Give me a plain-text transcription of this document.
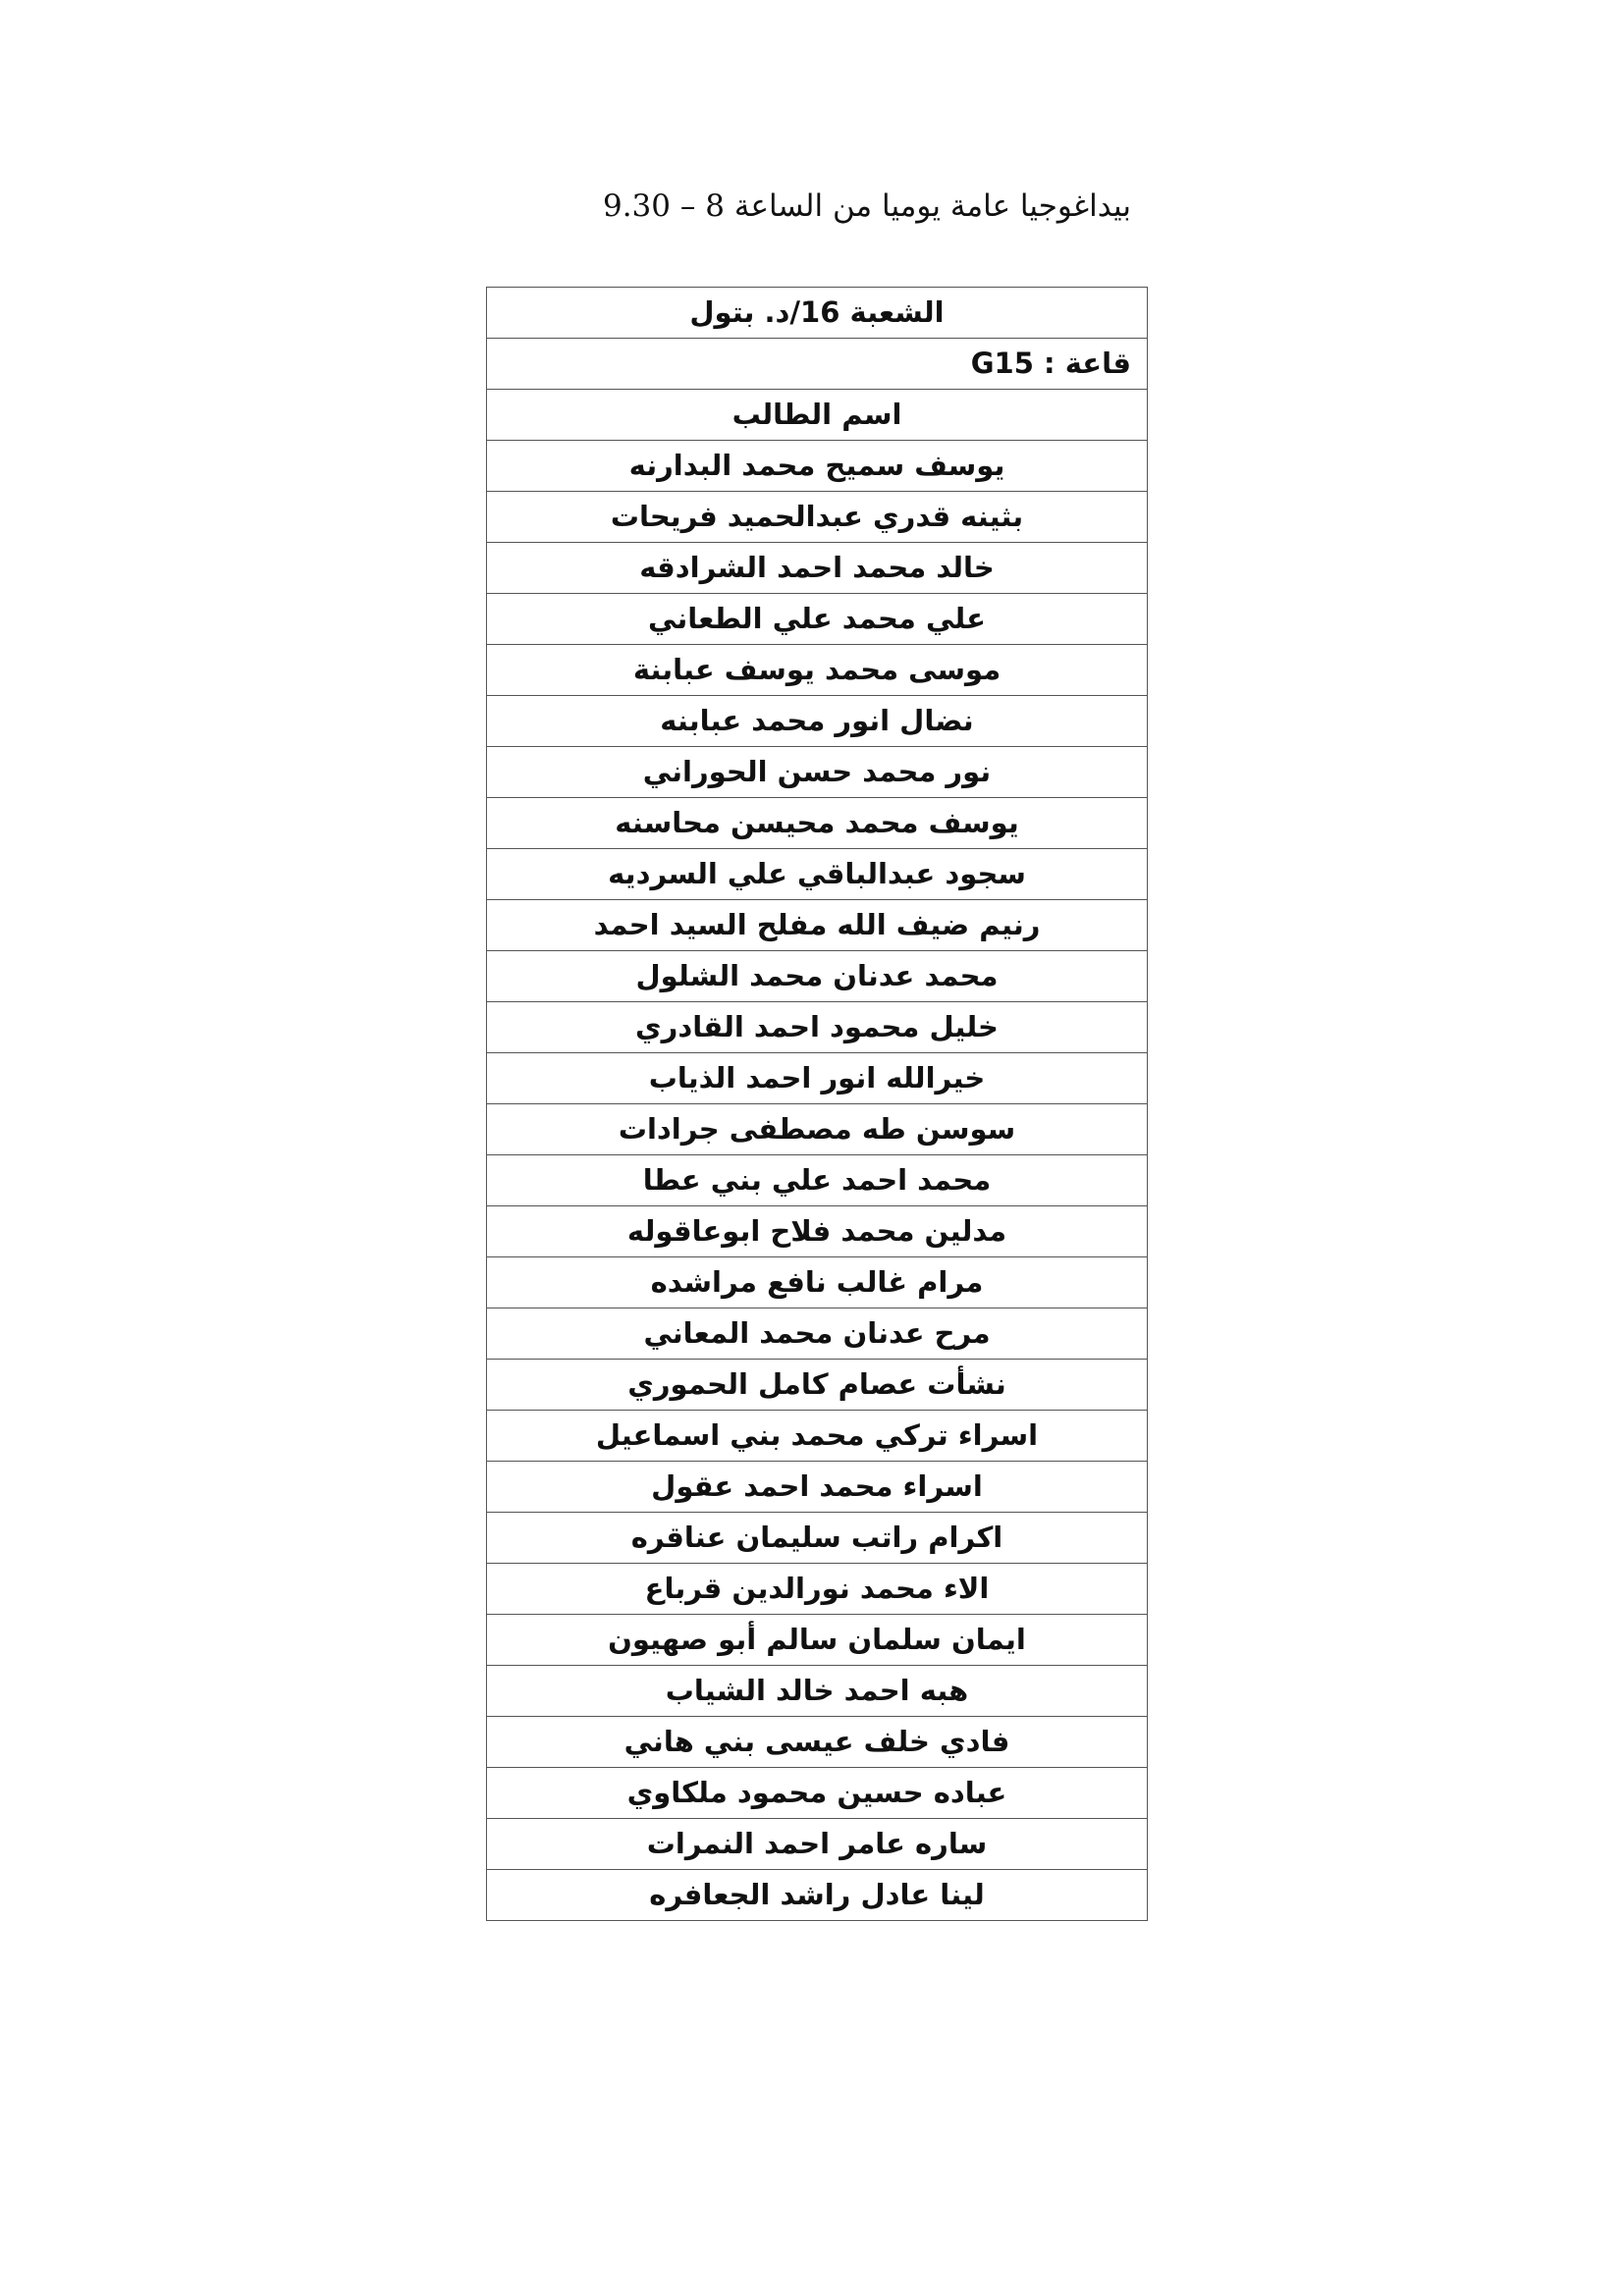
بيداغوجيا عامة يوميا من الساعة 8 – 9.30
الشعبة 16/د. بتول
قاعة : G15
اسم الطالب
يوسف سميح محمد البدارنه
بثينه قدري عبدالحميد فريحات
خالد محمد احمد الشرادقه
علي محمد علي الطعاني
موسى محمد يوسف عبابنة
نضال انور محمد عبابنه
نور محمد حسن الحوراني
يوسف محمد محيسن محاسنه
سجود عبدالباقي علي السرديه
رنيم ضيف الله مفلح السيد احمد
محمد عدنان محمد الشلول
خليل محمود احمد القادري
خيرالله انور احمد الذياب
سوسن طه مصطفى جرادات
محمد احمد علي بني عطا
مدلين محمد فلاح ابوعاقوله
مرام غالب نافع مراشده
مرح عدنان محمد المعاني
نشأت عصام كامل الحموري
اسراء تركي محمد بني اسماعيل
اسراء محمد احمد عقول
اكرام راتب سليمان عناقره
الاء محمد نورالدين قرباع
ايمان سلمان سالم أبو صهيون
هبه احمد خالد الشياب
فادي خلف عيسى بني هاني
عباده حسين محمود ملكاوي
ساره عامر احمد النمرات
لينا عادل راشد الجعافره
